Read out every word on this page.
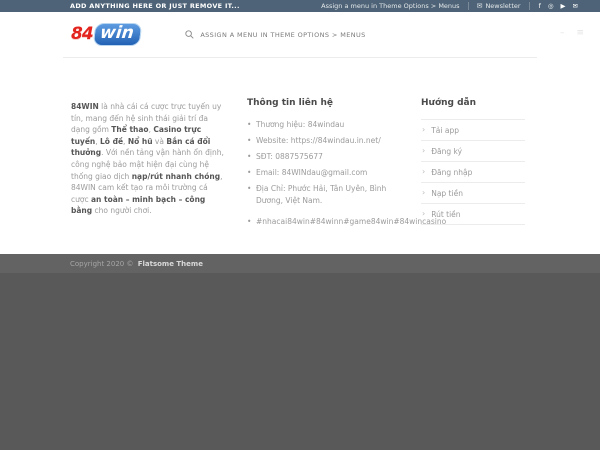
ADD ANYTHING HERE OR JUST REMOVE IT...	Assign a menu in Theme Options > Menus	✉ Newsletter	f ◎ ▶ ✉
84 win	ASSIGN A MENU IN THEME OPTIONS > MENUS	– ≡

84WIN là nhà cái cá cược trực tuyến uy tín, mang đến hệ sinh thái giải trí đa dạng gồm Thể thao, Casino trực tuyến, Lô đề, Nổ hũ và Bắn cá đổi thưởng. Với nền tảng vận hành ổn định, công nghệ bảo mật hiện đại cùng hệ thống giao dịch nạp/rút nhanh chóng, 84WIN cam kết tạo ra môi trường cá cược an toàn – minh bạch – công bằng cho người chơi.

Thông tin liên hệ
• Thương hiệu: 84windau
• Website: https://84windau.in.net/
• SĐT: 0887575677
• Email: 84WINdau@gmail.com
• Địa Chỉ: Phước Hải, Tân Uyên, Bình Dương, Việt Nam.
• #nhacai84win#84winn#game84win#84wincasino
Hướng dẫn
› Tải app
› Đăng ký
› Đăng nhập
› Nạp tiền
› Rút tiền
Copyright 2020 © Flatsome Theme
